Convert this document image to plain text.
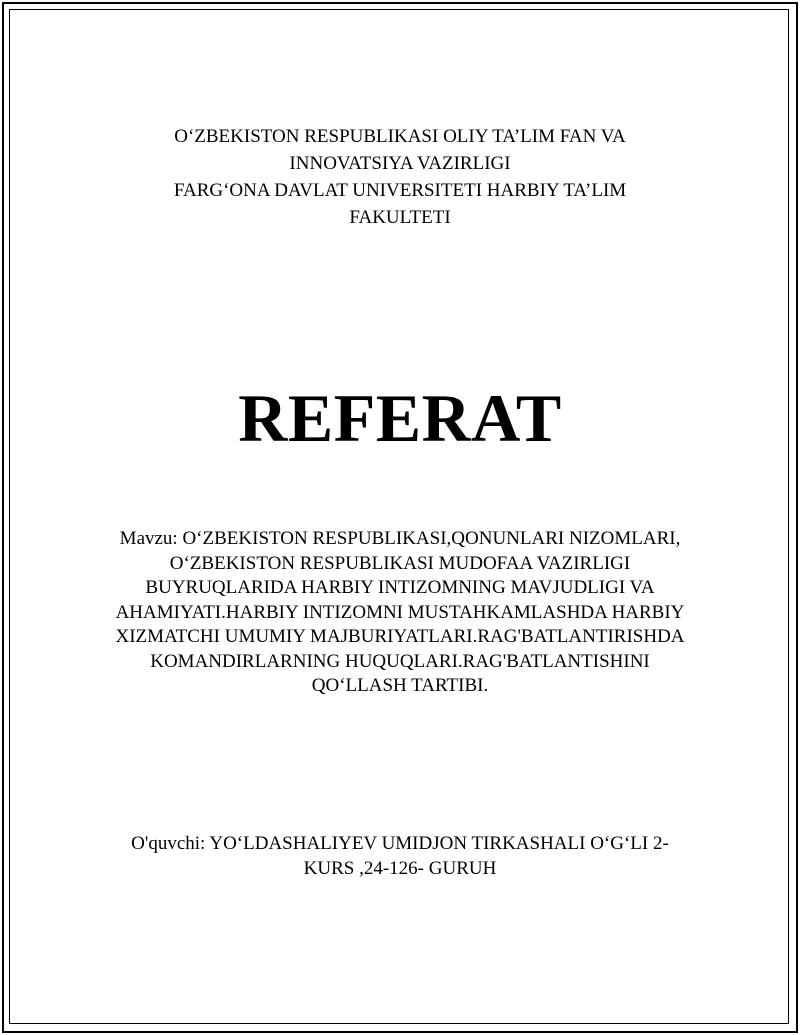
O‘ZBEKISTON RESPUBLIKASI OLIY TA’LIM FAN VA
INNOVATSIYA VAZIRLIGI
FARG‘ONA DAVLAT UNIVERSITETI HARBIY TA’LIM
FAKULTETI
REFERAT
Mavzu: O‘ZBEKISTON RESPUBLIKASI,QONUNLARI NIZOMLARI,
O‘ZBEKISTON RESPUBLIKASI MUDOFAA VAZIRLIGI
BUYRUQLARIDA HARBIY INTIZOMNING MAVJUDLIGI VA
AHAMIYATI.HARBIY INTIZOMNI MUSTAHKAMLASHDA HARBIY
XIZMATCHI UMUMIY MAJBURIYATLARI.RAG'BATLANTIRISHDA
KOMANDIRLARNING HUQUQLARI.RAG'BATLANTISHINI
QO‘LLASH TARTIBI.
O'quvchi: YO‘LDASHALIYEV UMIDJON TIRKASHALI O‘G‘LI 2-
KURS ,24-126- GURUH
